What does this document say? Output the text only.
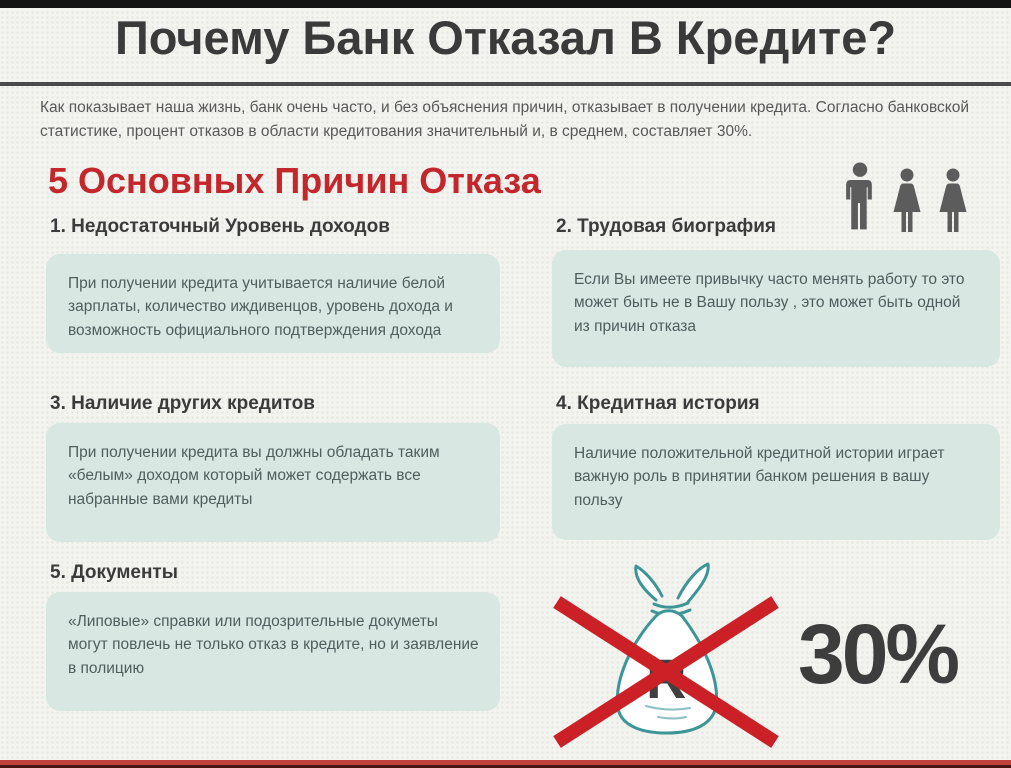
Почему Банк Отказал В Кредите?

Как показывает наша жизнь, банк очень часто, и без объяснения причин, отказывает в получении кредита. Согласно банковской статистике, процент отказов в области кредитования значительный и, в среднем, составляет 30%.

5 Основных Причин Отказа
1. Недостаточный Уровень доходов
При получении кредита учитывается наличие белой зарплаты, количество иждивенцов, уровень дохода и возможность официального подтверждения дохода
2. Трудовая биография
Если Вы имеете привычку часто менять работу то это может быть не в Вашу пользу , это может быть одной из причин отказа
3. Наличие других кредитов
При получении кредита вы должны обладать таким «белым» доходом который может содержать все набранные вами кредиты
4. Кредитная история
Наличие положительной кредитной истории играет важную роль в принятии банком решения в вашу пользу
5. Документы
«Липовые» справки или подозрительные докуметы могут повлечь не только отказ в кредите, но и заявление в полицию	30%
